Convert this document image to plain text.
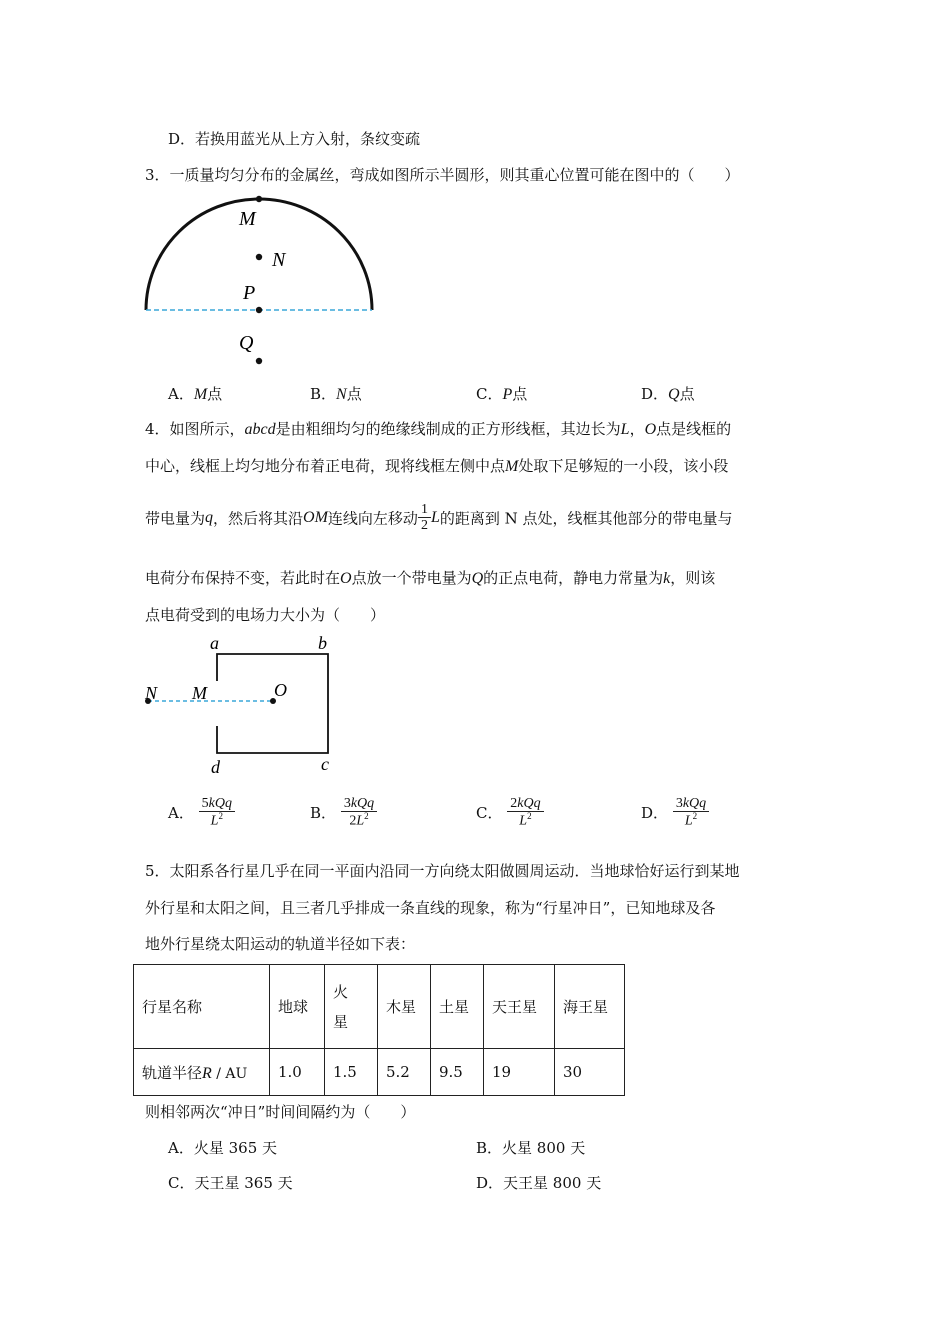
D．若换用蓝光从上方入射，条纹变疏
3．一质量均匀分布的金属丝，弯成如图所示半圆形，则其重心位置可能在图中的（　　）
M
N
P
Q
A．M点	B．N点	C．P点	D．Q点
4．如图所示，abcd是由粗细均匀的绝缘线制成的正方形线框，其边长为L，O点是线框的
中心，线框上均匀地分布着正电荷，现将线框左侧中点M处取下足够短的一小段，该小段
带电量为q，然后将其沿OM连线向左移动 $\frac{1}{2}$ L的距离到 N 点处，线框其他部分的带电量与
电荷分布保持不变，若此时在O点放一个带电量为Q的正点电荷，静电力常量为k，则该
点电荷受到的电场力大小为（　　）
a	b
c
d
N M	O
A． $\frac{\text{5kQq}}{L^2}$	B． $\frac{\text{3kQq}}{2L^2}$	C． $\frac{\text{2kQq}}{L^2}$	D． $\frac{\text{3kQq}}{L^2}$
5．太阳系各行星几乎在同一平面内沿同一方向绕太阳做圆周运动．当地球恰好运行到某地
外行星和太阳之间，且三者几乎排成一条直线的现象，称为“行星冲日”，已知地球及各
地外行星绕太阳运动的轨道半径如下表：
行星名称	地球	火星	木星	土星	天王星	海王星
轨道半径R / AU	1.0	1.5	5.2	9.5	19	30
则相邻两次“冲日”时间间隔约为（　　）
A．火星 365 天	B．火星 800 天
C．天王星 365 天	D．天王星 800 天
